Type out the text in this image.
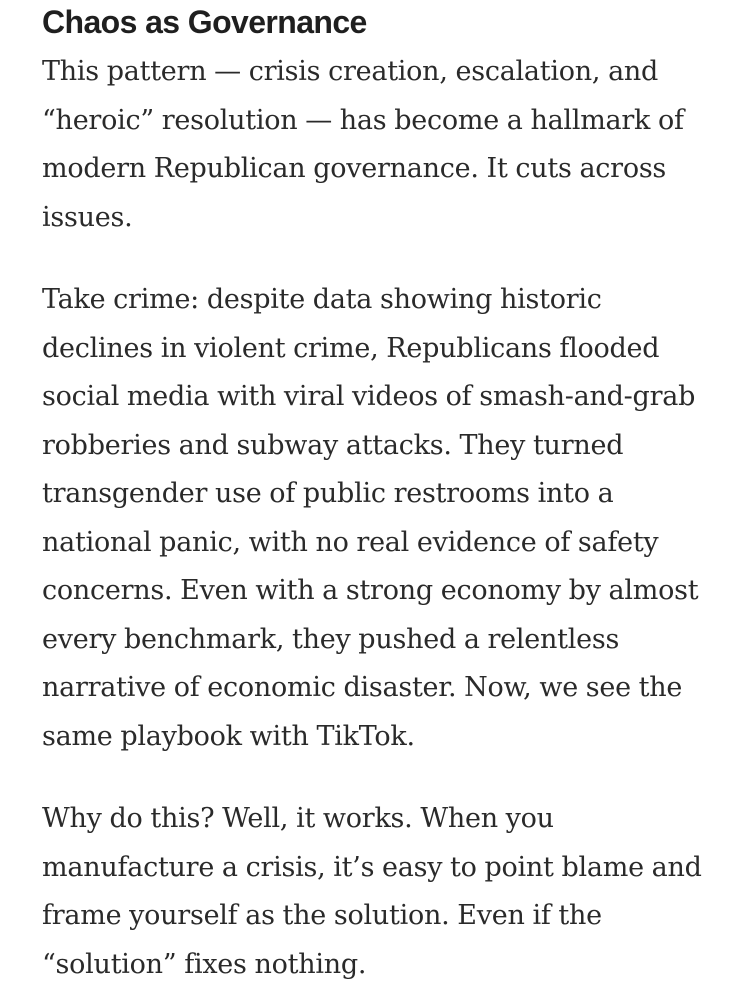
Chaos as Governance

This pattern — crisis creation, escalation, and “heroic” resolution — has become a hallmark of modern Republican governance. It cuts across issues.

Take crime: despite data showing historic declines in violent crime, Republicans flooded social media with viral videos of smash-and-grab robberies and subway attacks. They turned transgender use of public restrooms into a national panic, with no real evidence of safety concerns. Even with a strong economy by almost every benchmark, they pushed a relentless narrative of economic disaster. Now, we see the same playbook with TikTok.

Why do this? Well, it works. When you manufacture a crisis, it’s easy to point blame and frame yourself as the solution. Even if the “solution” fixes nothing.
